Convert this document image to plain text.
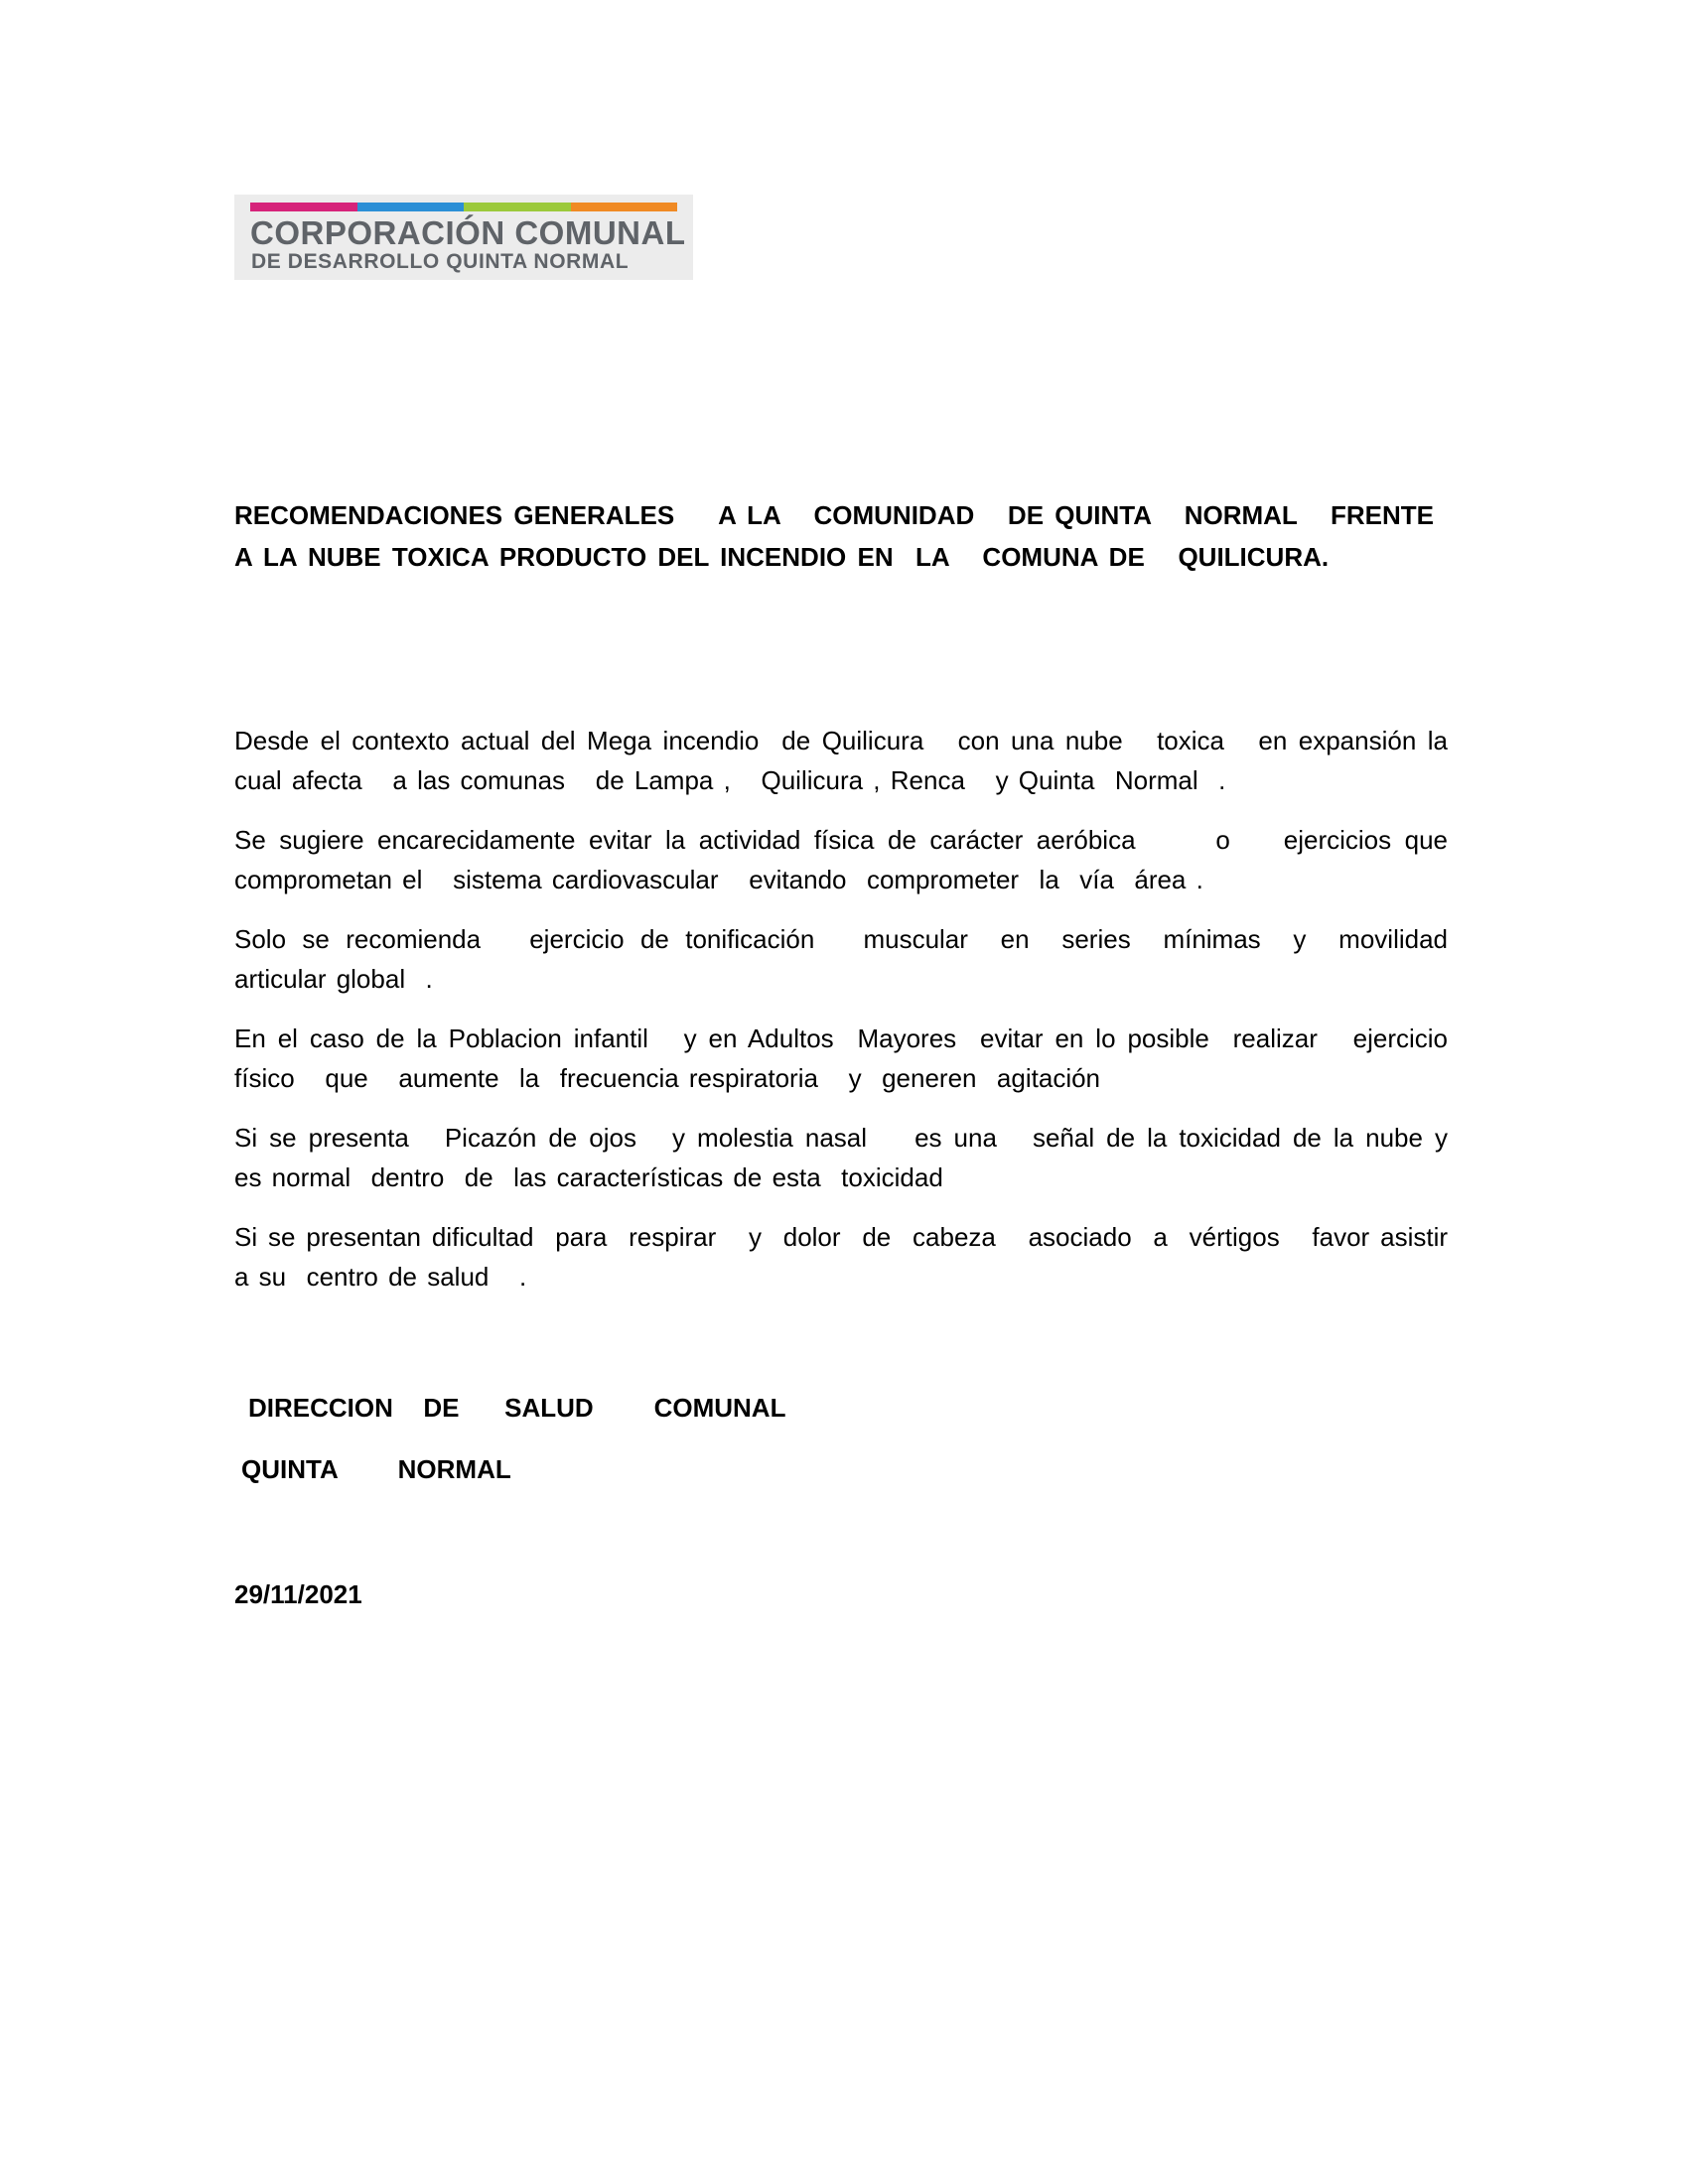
CORPORACIÓN COMUNAL
DE DESARROLLO QUINTA NORMAL
RECOMENDACIONES GENERALES    A LA   COMUNIDAD   DE QUINTA   NORMAL   FRENTE   A LA NUBE TOXICA PRODUCTO DEL INCENDIO EN  LA   COMUNA DE   QUILICURA.

Desde el contexto actual del Mega incendio  de Quilicura   con una nube   toxica   en expansión la   cual afecta   a las comunas   de Lampa ,   Quilicura , Renca   y Quinta  Normal  .

Se sugiere encarecidamente evitar la actividad física de carácter aeróbica      o    ejercicios que comprometan el   sistema cardiovascular   evitando  comprometer  la  vía  área .

Solo se recomienda   ejercicio de tonificación   muscular  en  series  mínimas  y  movilidad    articular global  .

En el caso de la Poblacion infantil   y en Adultos  Mayores  evitar en lo posible  realizar   ejercicio físico   que   aumente  la  frecuencia respiratoria   y  generen  agitación

Si se presenta   Picazón de ojos   y molestia nasal    es una   señal de la toxicidad de la nube y    es normal  dentro  de  las características de esta  toxicidad

Si se presentan dificultad  para  respirar   y  dolor  de  cabeza   asociado  a  vértigos   favor asistir  a su  centro de salud   .

DIRECCION  DE   SALUD    COMUNAL
QUINTA    NORMAL
29/11/2021
